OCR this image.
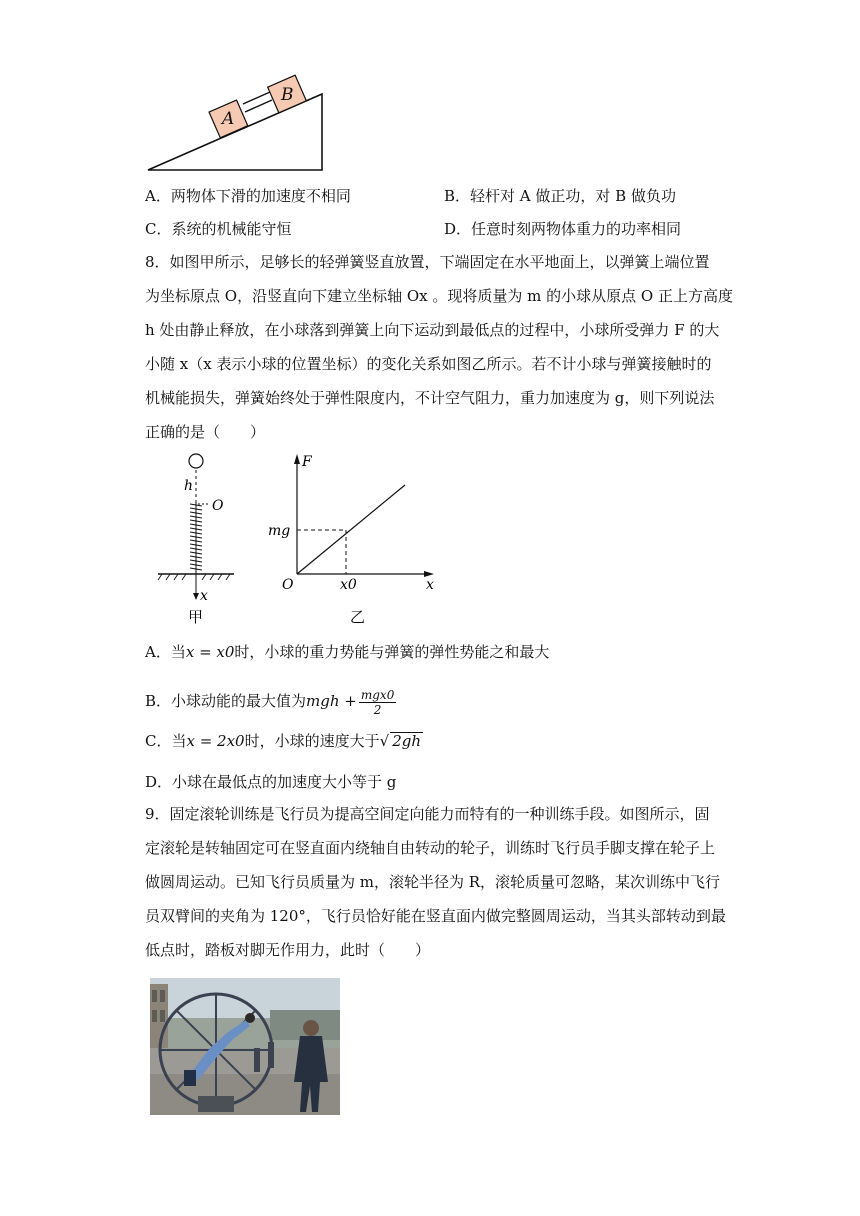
A
B
A．两物体下滑的加速度不相同	B．轻杆对 A 做正功，对 B 做负功
C．系统的机械能守恒	D．任意时刻两物体重力的功率相同
8．如图甲所示，足够长的轻弹簧竖直放置，下端固定在水平地面上，以弹簧上端位置
为坐标原点 O，沿竖直向下建立坐标轴 Ox 。现将质量为 m 的小球从原点 O 正上方高度
h 处由静止释放，在小球落到弹簧上向下运动到最低点的过程中，小球所受弹力 F 的大
小随 x（x 表示小球的位置坐标）的变化关系如图乙所示。若不计小球与弹簧接触时的
机械能损失，弹簧始终处于弹性限度内，不计空气阻力，重力加速度为 g，则下列说法
正确的是（　　）
h
O
x
甲
F
x
O
mg
x0
乙
A．当x = x0时，小球的重力势能与弹簧的弹性势能之和最大
B．小球动能的最大值为mgh + $\frac{\text{mgx0}}{2}$
C．当x = 2x0时，小球的速度大于√ 2gh
D．小球在最低点的加速度大小等于 g
9．固定滚轮训练是飞行员为提高空间定向能力而特有的一种训练手段。如图所示，固
定滚轮是转轴固定可在竖直面内绕轴自由转动的轮子，训练时飞行员手脚支撑在轮子上
做圆周运动。已知飞行员质量为 m，滚轮半径为 R，滚轮质量可忽略，某次训练中飞行
员双臂间的夹角为 120°，飞行员恰好能在竖直面内做完整圆周运动，当其头部转动到最
低点时，踏板对脚无作用力，此时（　　）
